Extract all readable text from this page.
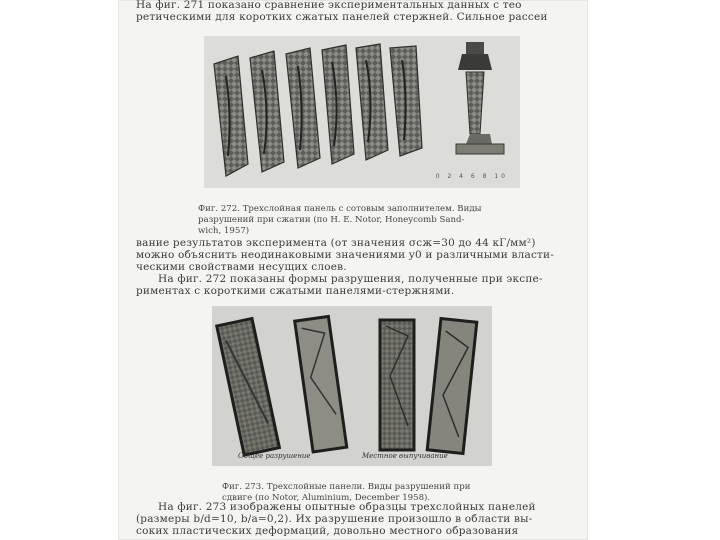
На фиг. 271 показано сравнение экспериментальных данных с тео

ретическими для коротких сжатых панелей стержней. Сильное рассеи

0 2 4 6 8 10

Фиг. 272. Трехслойная панель с сотовым заполнителем. Виды

разрушений при сжатии (по Н. Е. Notor, Honeycomb Sand-

wich, 1957)

вание результатов эксперимента (от значения σсж=30 до 44 кГ/мм²)

можно объяснить неодинаковыми значениями y0 и различными власти-

ческими свойствами несущих слоев.

На фиг. 272 показаны формы разрушения, полученные при экспе-

риментах с короткими сжатыми панелями-стержнями.

Общее разрушение	Местное выпучивание

Фиг. 273. Трехслойные панели. Виды разрушений при

сдвиге (по Notor, Aluminium, December 1958).

На фиг. 273 изображены опытные образцы трехслойных панелей

(размеры b/d=10, b/a=0,2). Их разрушение произошло в области вы-

соких пластических деформаций, довольно местного образования
